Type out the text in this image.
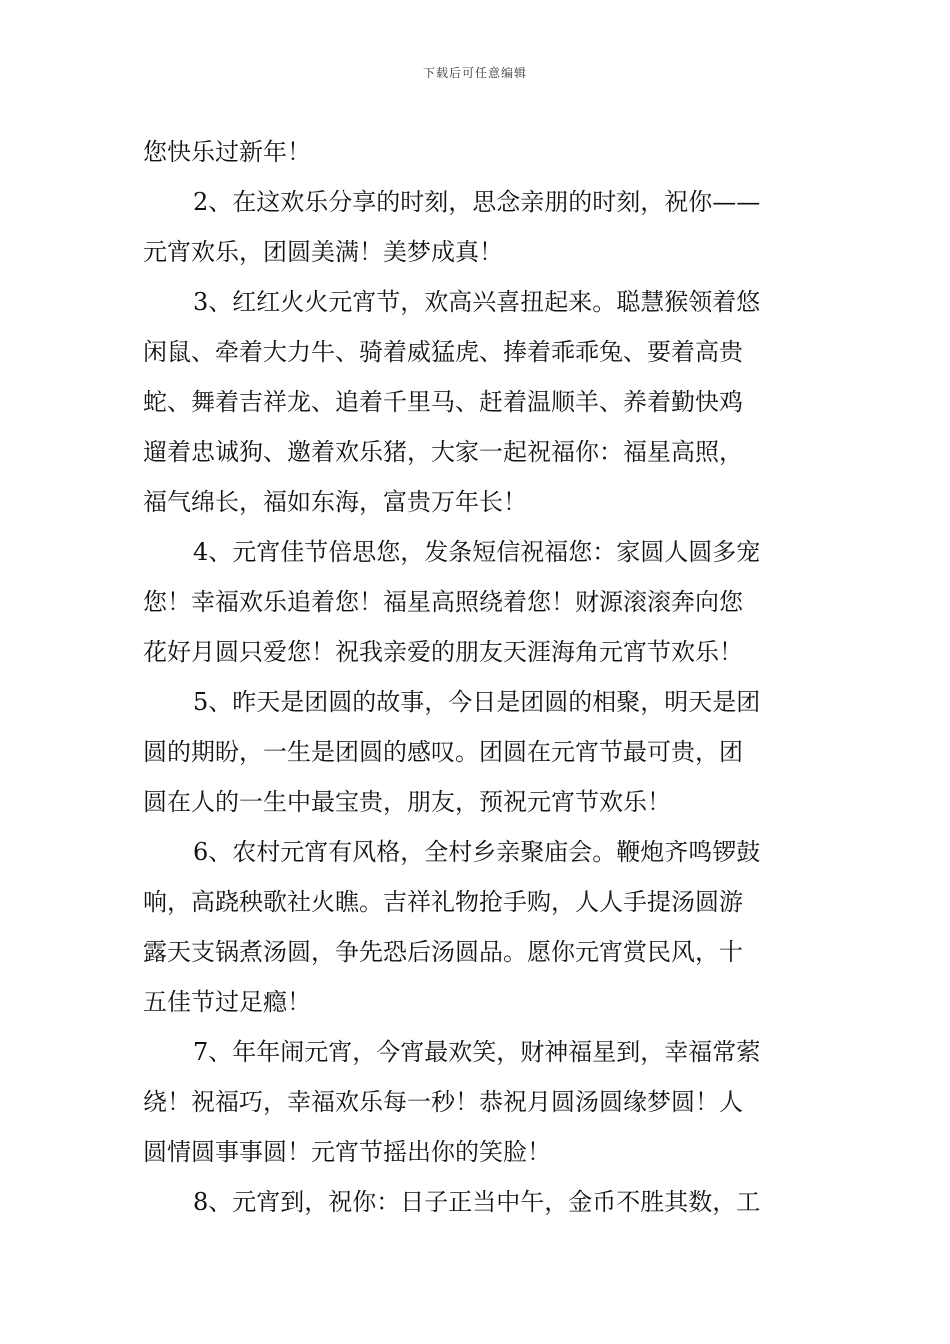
下载后可任意编辑
您快乐过新年！
2、在这欢乐分享的时刻，思念亲朋的时刻，祝你——
元宵欢乐，团圆美满！美梦成真！
3、红红火火元宵节，欢高兴喜扭起来。聪慧猴领着悠
闲鼠、牵着大力牛、骑着威猛虎、捧着乖乖兔、要着高贵
蛇、舞着吉祥龙、追着千里马、赶着温顺羊、养着勤快鸡
遛着忠诚狗、邀着欢乐猪，大家一起祝福你：福星高照，
福气绵长，福如东海，富贵万年长！
4、元宵佳节倍思您，发条短信祝福您：家圆人圆多宠
您！幸福欢乐追着您！福星高照绕着您！财源滚滚奔向您
花好月圆只爱您！祝我亲爱的朋友天涯海角元宵节欢乐！
5、昨天是团圆的故事，今日是团圆的相聚，明天是团
圆的期盼，一生是团圆的感叹。团圆在元宵节最可贵，团
圆在人的一生中最宝贵，朋友，预祝元宵节欢乐！
6、农村元宵有风格，全村乡亲聚庙会。鞭炮齐鸣锣鼓
响，高跷秧歌社火瞧。吉祥礼物抢手购，人人手提汤圆游
露天支锅煮汤圆，争先恐后汤圆品。愿你元宵赏民风，十
五佳节过足瘾！
7、年年闹元宵，今宵最欢笑，财神福星到，幸福常萦
绕！祝福巧，幸福欢乐每一秒！恭祝月圆汤圆缘梦圆！人
圆情圆事事圆！元宵节摇出你的笑脸！
8、元宵到，祝你：日子正当中午，金币不胜其数，工
